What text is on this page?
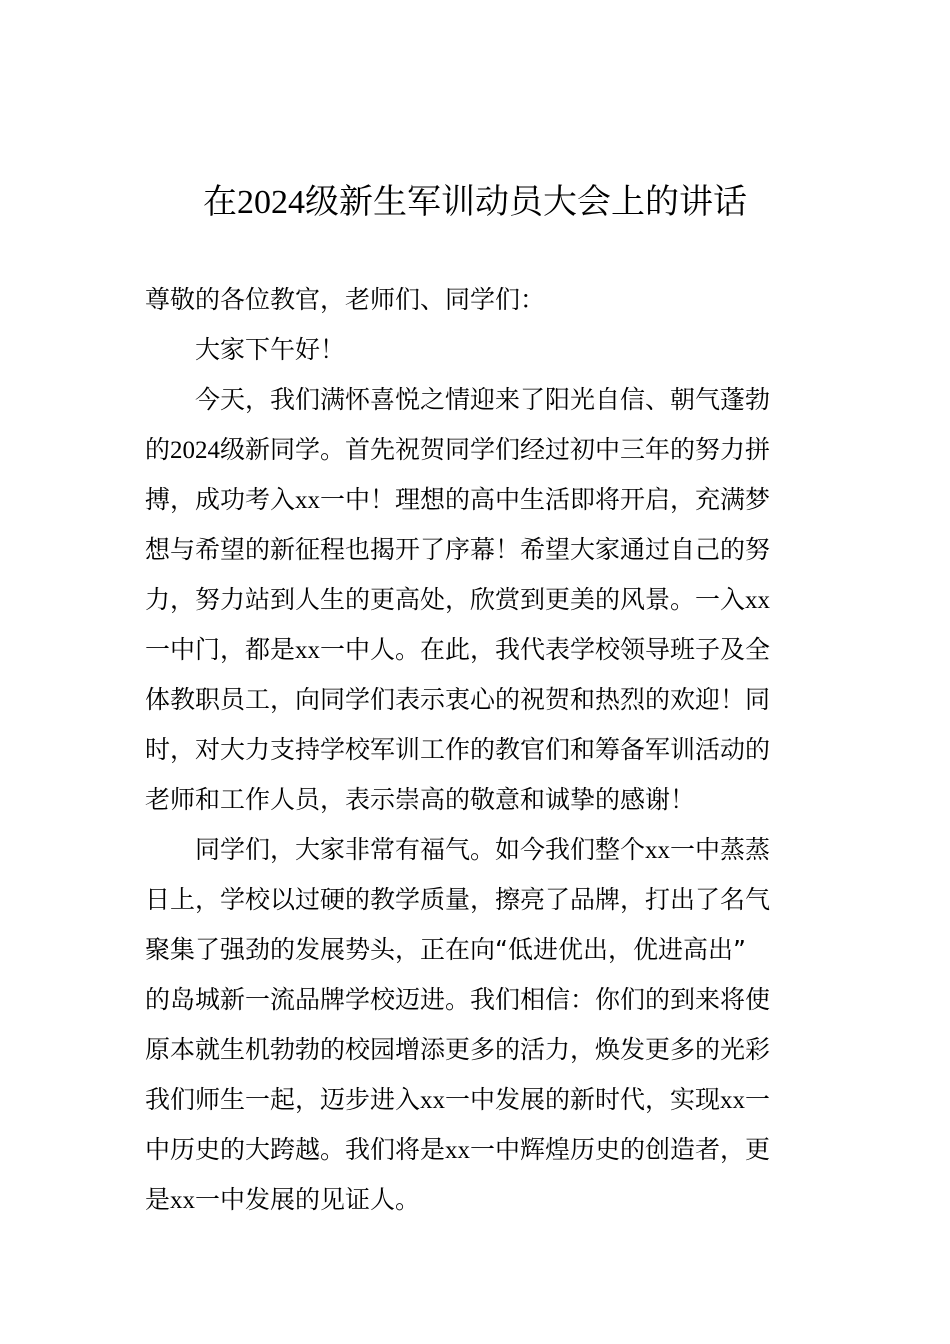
在2024级新生军训动员大会上的讲话
尊敬的各位教官，老师们、同学们：
大家下午好！
今天，我们满怀喜悦之情迎来了阳光自信、朝气蓬勃
的2024级新同学。首先祝贺同学们经过初中三年的努力拼
搏，成功考入xx一中！理想的高中生活即将开启，充满梦
想与希望的新征程也揭开了序幕！希望大家通过自己的努
力，努力站到人生的更高处，欣赏到更美的风景。一入xx
一中门，都是xx一中人。在此，我代表学校领导班子及全
体教职员工，向同学们表示衷心的祝贺和热烈的欢迎！同
时，对大力支持学校军训工作的教官们和筹备军训活动的
老师和工作人员，表示崇高的敬意和诚挚的感谢！
同学们，大家非常有福气。如今我们整个xx一中蒸蒸
日上，学校以过硬的教学质量，擦亮了品牌，打出了名气
聚集了强劲的发展势头，正在向“低进优出，优进高出”
的岛城新一流品牌学校迈进。我们相信：你们的到来将使
原本就生机勃勃的校园增添更多的活力，焕发更多的光彩
我们师生一起，迈步进入xx一中发展的新时代，实现xx一
中历史的大跨越。我们将是xx一中辉煌历史的创造者，更
是xx一中发展的见证人。
